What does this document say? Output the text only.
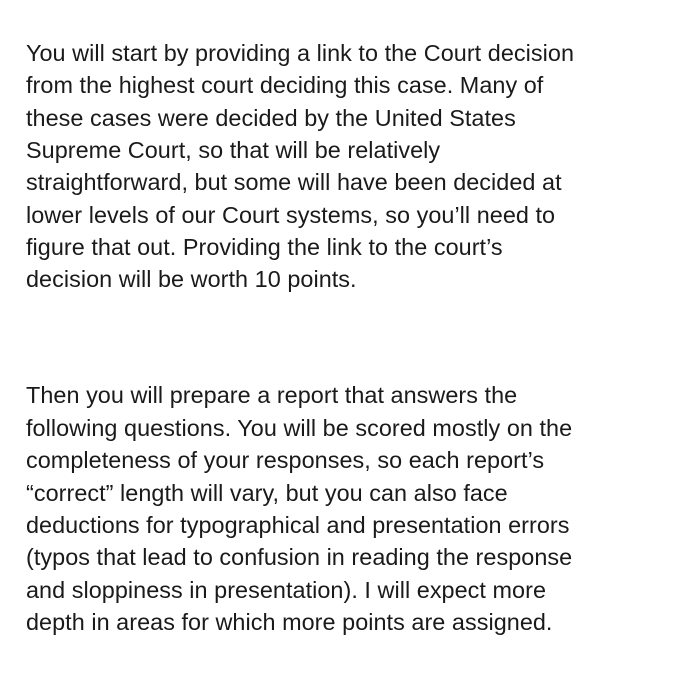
You will start by providing a link to the Court decision
from the highest court deciding this case. Many of
these cases were decided by the United States
Supreme Court, so that will be relatively
straightforward, but some will have been decided at
lower levels of our Court systems, so you’ll need to
figure that out. Providing the link to the court’s
decision will be worth 10 points.
Then you will prepare a report that answers the
following questions. You will be scored mostly on the
completeness of your responses, so each report’s
“correct” length will vary, but you can also face
deductions for typographical and presentation errors
(typos that lead to confusion in reading the response
and sloppiness in presentation). I will expect more
depth in areas for which more points are assigned.
